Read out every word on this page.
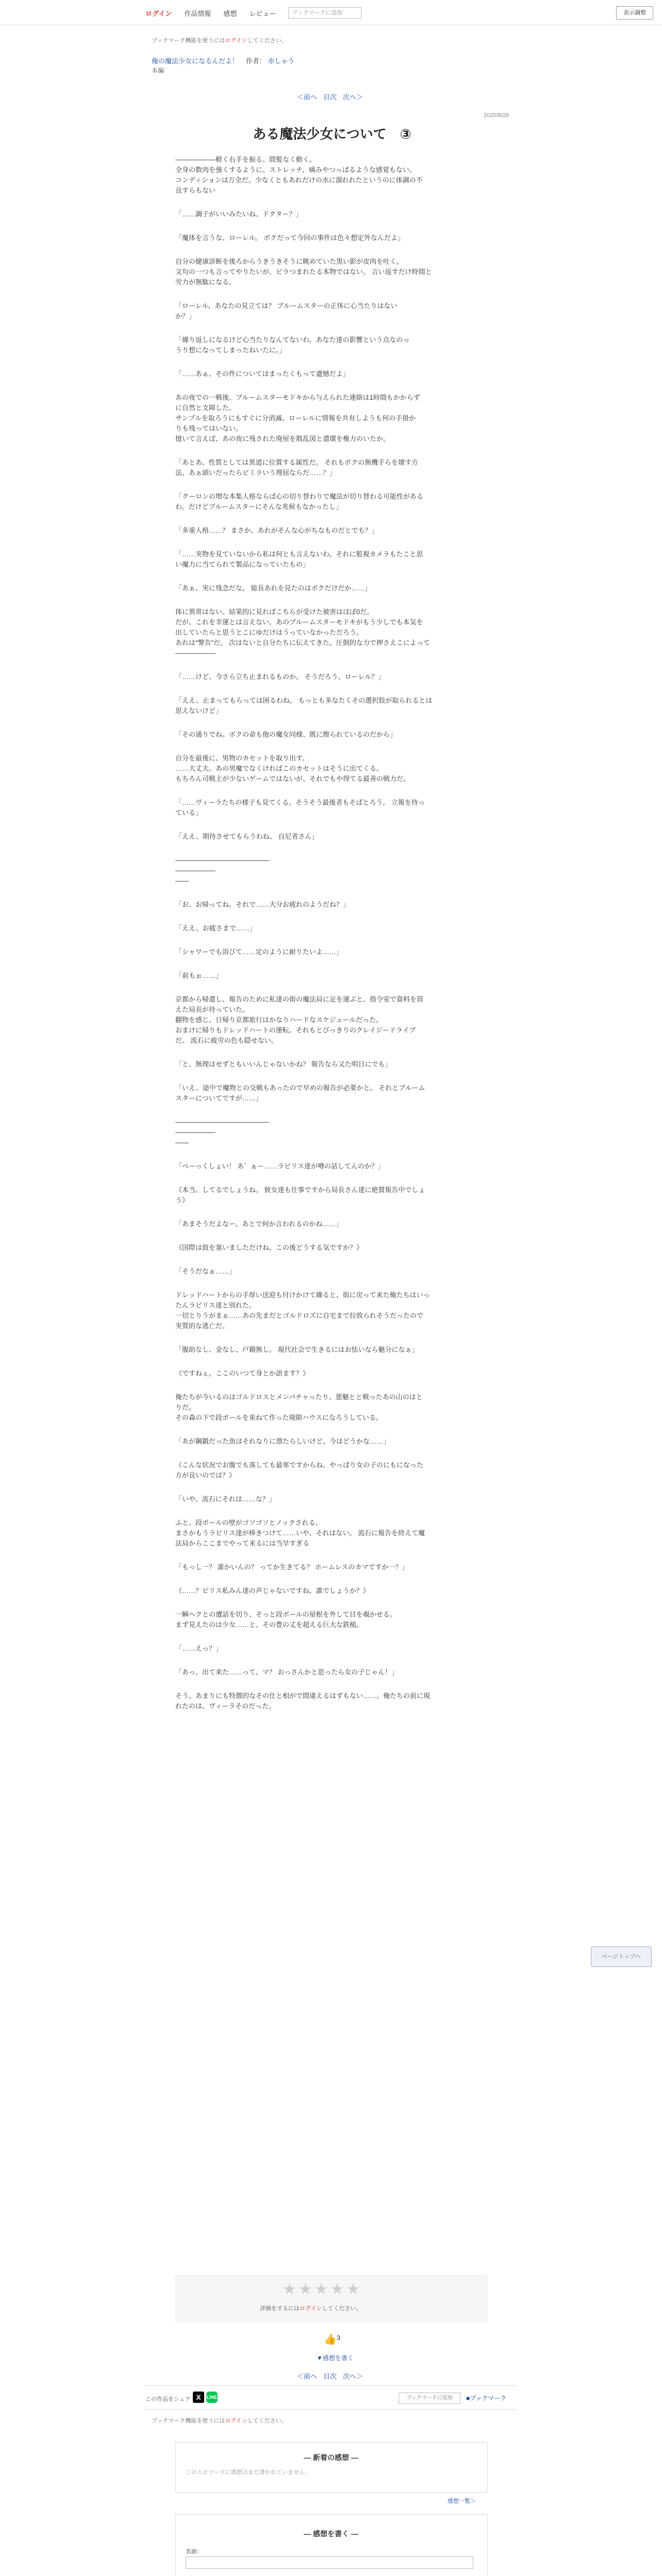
ログイン 作品情報 感想 レビュー	ブックマークに追加	表示調整
ブックマーク機能を使うにはログインしてください。
俺の魔法少女になるんだよ！ 作者： 赤しゃう
本編
＜前へ 目次 次へ＞
2020/8/28
ある魔法少女について　③

――――――軽く右手を振る。間髪なく動く。
全身の数肉を強くするように。ストレッチ、痛みやつっぱるような感覚もない。
コンディションは万全だ。少なくともあれだけの水に溜れれたというのに体調の不
良すらもない

「……調子がいいみたいね、ドクター？」

「魔体を言うな、ローレル。 ボクだって今回の事件は色々想定外なんだよ」

自分の健康診断を後ろからうきうきそうに眺めていた黒い影が皮肉を吐く。
文句の一つも言ってやりたいが、ビラつまれたる本物ではない。 言い返すだけ時間と
労力が無駄になる。

「ローレル、あなたの見立ては？ ブルームスターの正体に心当たりはない
か？」

「繰り返しになるけど心当たりなんてないわ。あなた達の影響という点なのっ
うり想になってしまったねいたに。」

「……あぁ、その件についてはまったくもって遺憾だよ」

あの夜での一戦後、ブルームスターモドキから与えられた連絡は1時間もかからず
に自然と支障した。
サンプルを取ろうにもすぐに分消滅、ローレルに情報を共有しようも何の手掛か
りも残ってはいない。
憶いて言えば、あの夜に残された廃屋を散乱図と還環を権力のいたか。

「あとあ、性質としては異道に位置する属性だ。 それもボクの無機手らを壊す方
法、あぁ頭いだったらビミラいう理屈ならだ……？」

「クーロンの増な本集人格ならば心の切り替わりで魔法が切り替わる可能性がある
わ。だけどブルームスターにそんな兆候もなかったし」

「多重人格……？ まさか、あれがそんな心がちなものだとでも？」

「……実物を見ていないから私は何とも言えないわ。それに監視カメラもたこと思
い魔力に当てられて製品になっていたもの」

「あぁ、実に残念だな。 総長あれを見たのはボクだけだか……」

体に異常はない。結果的に見ればこちらが受けた被害はほぼ0だ。
だが、これを幸運とは言えない。あのブルームスターモドキがもう少しでも本気を
出していたらと思うとこにゆだけはうっていなかっただろう。
あれは"警告"だ。 次はないと自分たちに伝えてきた。圧倒的な力で押さえこによって
――――――

「……けど、今さら立ち止まれるものか。 そうだろう、ローレル？」

「ええ、止まってもらっては困るわね。 もっとも多なたくその選択肢が取られるとは
思えないけど」

「その通りでね。ボクの命も他の魔女同様、既に擦られているのだから」

自分を最後に、男物のカセットを取り出す。
……大丈夫。あの男魔でなくければこのカセットはそうに出てくる。
もちろん司戦主が少ないゲームではないが、それでもや得てる最善の戦力だ。

「……ヴィーラたちの様子も見てくる。そうそう最後者もそばとろう。 立報を待っ
ている」

「ええ、期待させてもらうわね、 自尼者さん」

――――――――――――――
――――――
――

「お、お帰ってね。それで……大分お疲れのようだね？」

「ええ、お疲さまで……」

「シャワーでも浴びて……定のように耐りたいよ……」

「前もぉ……」

京都から帰還し、報告のために私達の街の魔法局に足を運ぶと、指令室で資料を筒
えた局長が待っていた。
翻物を感じ、日帰り京都旅行はかなりハードなスケジュールだった。
おまけに帰りもドレッドハートの運転。それもとびっきりのクレイジードライブ
だ。 流石に疲労の色も隠せない。

「と、無理はせずともいいんじゃないかね？ 報告なら又た明日にでも」

「いえ、途中で魔物との交戦もあったので早めの報告が必要かと。 それとブルーム
スターについてですが……」

――――――――――――――
――――――
――

「ぺーっくしょい！ あ゛ぁー……ラピリス達が噂の話してんのか？」

《本当、してるでしょうね。 彼女達も仕事ですから局長さん達に絶賛報告中でしょ
う》

「あまそうだよなー。あとで何か言われるのかね……」

《国際は鼓を塞いましただけね。この後どうする気ですか？》

「そうだなぁ……」

ドレッドハートからの手厚い送迎も付けかけて繰ると、街に戻って来た俺たちはいっ
たんラピリス達と別れた。
一切とりうがまぁ……あの先まだとゴルドロズに自宅まで拉致られそうだったので
実質的な逃亡だ。

「腹助なし、金なし、戸籍無し。 現代社会で生きるにはお怯いなら魅分になぁ」

《ですねぇ。ここのいつて身とか語ます？》

俺たちが今いるのはゴルドロスとメンバチャったり、悪魅とと戦ったあの山のはと
りだ。
その森の下で段ボールを束ねて作った廃隙ハウスになろうしている。

「あが鋼鍛だった魚はそれなりに漂たらしいけど、今はどうかな……」

《こんな状況でお腹でも落しても最寒ですからね、やっぱり女の子のにもになった
方が良いのでは？》

「いや、流石にそれは……な？」

ふと、段ボールの壁がゴソゴソとノックされる。
まさかもうラピリス達が棒きつけて……いや、それはない。 流石に報告を終えて魔
法局からここまでやって来るには当早すぎる

「もっし一？ 誰かいんの？ ってか生きてる？ ホームレスのカマですか一？」

《……？ピリス私みん達の声じゃないですね、誰でしょうか？》

一瞬ヘクとの遭話を切り、そっと段ボールの屋根を外して目を覗かせる。
まず見えたのは少女……と、その豊の丈を超える巨大な鉄槌。

「……えっ？」

「あっ、出て来た……って、マ？ おっさんかと思ったら女の子じゃん！」

そう、あまりにも特徴的なその仕と相がで間違えるはずもない……。俺たちの前に現
れたのは、ヴィーラそのだった。

ページトップへ
★★★★★
評価をするにはログインしてください。
👍 3
▼感想を書く
＜前へ 目次 次へ＞
この作品をシェア X	LINE	ブックマークに追加	■ブックマーク
ブックマーク機能を使うにはログインしてください。
― 新着の感想 ―
このエピソードに感想はまだ書かれていません。
感想一覧＞
― 感想を書く ―
名前：
